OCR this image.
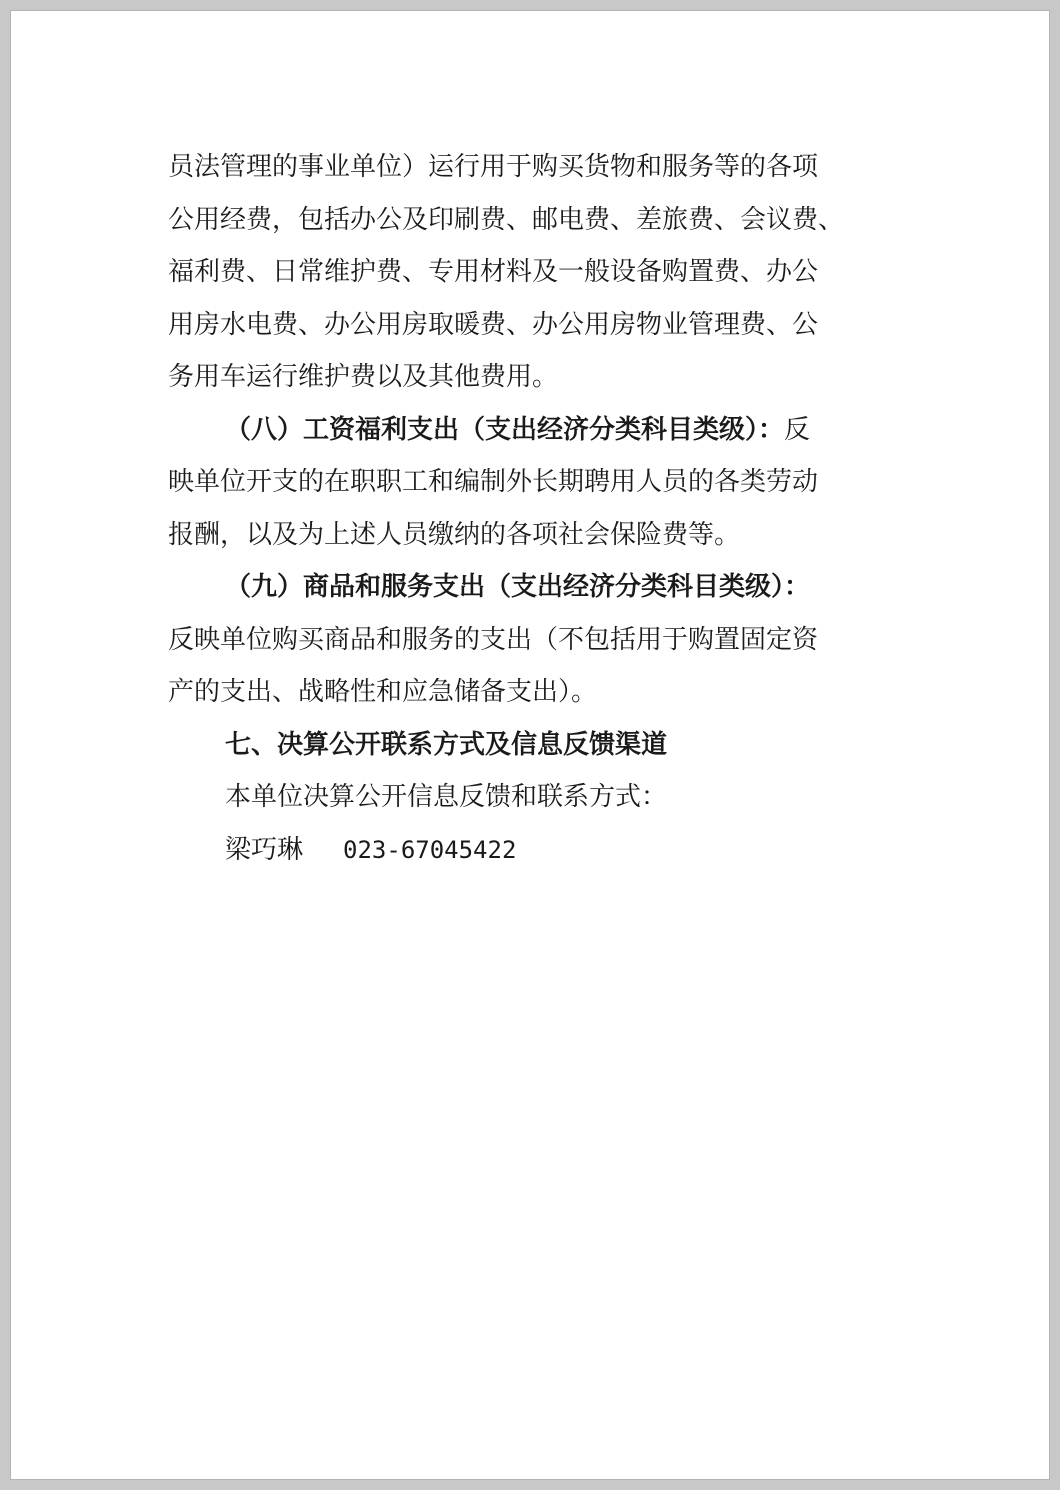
员法管理的事业单位）运行用于购买货物和服务等的各项
公用经费，包括办公及印刷费、邮电费、差旅费、会议费、
福利费、日常维护费、专用材料及一般设备购置费、办公
用房水电费、办公用房取暖费、办公用房物业管理费、公
务用车运行维护费以及其他费用。
（八）工资福利支出（支出经济分类科目类级）：反
映单位开支的在职职工和编制外长期聘用人员的各类劳动
报酬，以及为上述人员缴纳的各项社会保险费等。
（九）商品和服务支出（支出经济分类科目类级）：
反映单位购买商品和服务的支出（不包括用于购置固定资
产的支出、战略性和应急储备支出）。
七、决算公开联系方式及信息反馈渠道
本单位决算公开信息反馈和联系方式：
梁巧琳 023-67045422
